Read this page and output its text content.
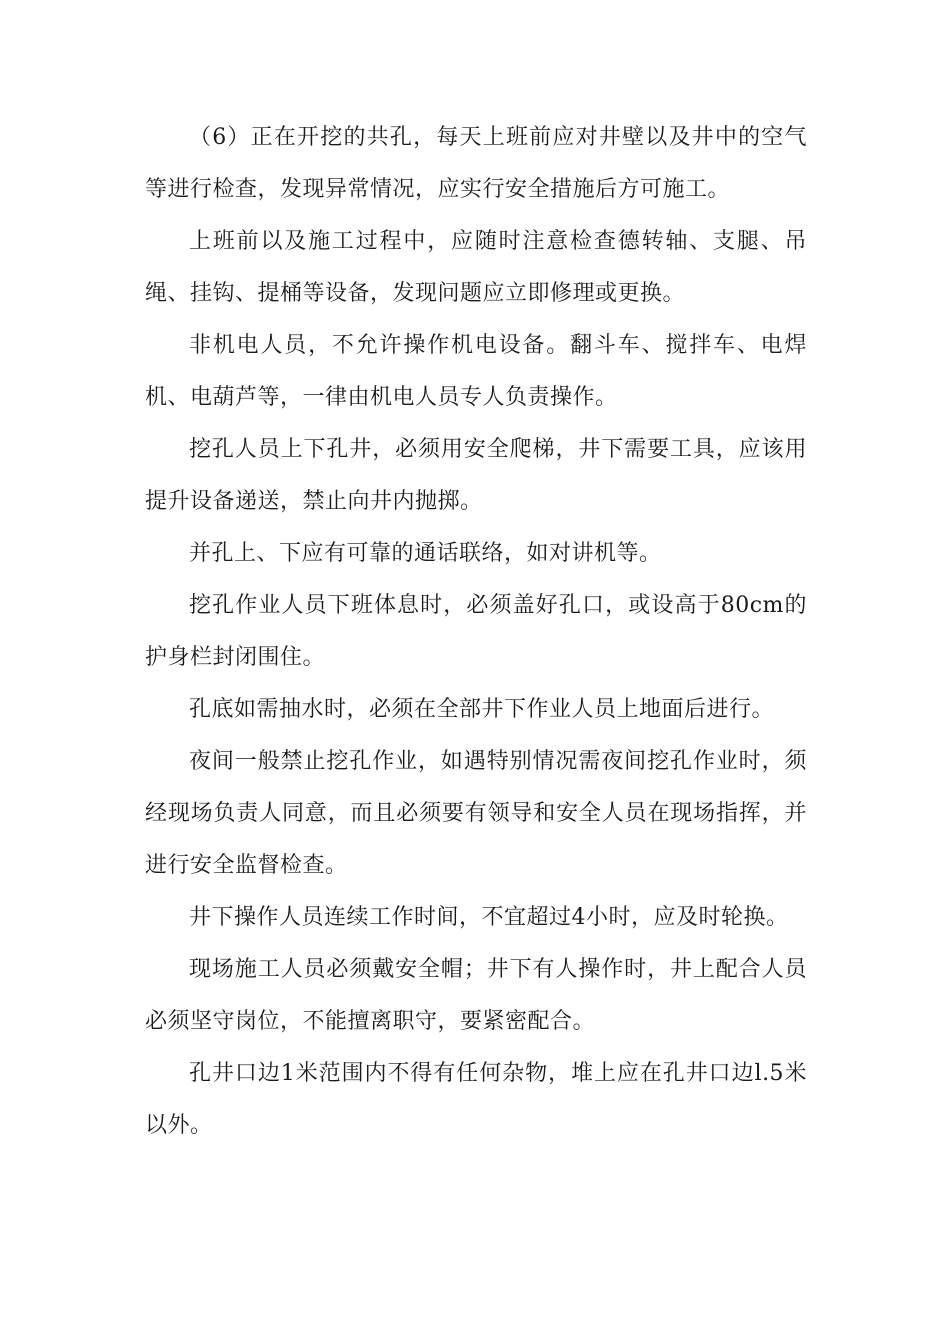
（6）正在开挖的共孔，每天上班前应对井壁以及井中的空气等进行检查，发现异常情况，应实行安全措施后方可施工。

上班前以及施工过程中，应随时注意检查德转轴、支腿、吊绳、挂钩、提桶等设备，发现问题应立即修理或更换。

非机电人员，不允许操作机电设备。翻斗车、搅拌车、电焊机、电葫芦等，一律由机电人员专人负责操作。

挖孔人员上下孔井，必须用安全爬梯，井下需要工具，应该用提升设备递送，禁止向井内抛掷。

并孔上、下应有可靠的通话联络，如对讲机等。

挖孔作业人员下班体息时，必须盖好孔口，或设高于80cm的护身栏封闭围住。

孔底如需抽水时，必须在全部井下作业人员上地面后进行。

夜间一般禁止挖孔作业，如遇特别情况需夜间挖孔作业时，须经现场负责人同意，而且必须要有领导和安全人员在现场指挥，并进行安全监督检查。

井下操作人员连续工作时间，不宜超过4小时，应及时轮换。

现场施工人员必须戴安全帽；井下有人操作时，井上配合人员必须坚守岗位，不能擅离职守，要紧密配合。

孔井口边1米范围内不得有任何杂物，堆上应在孔井口边l.5米以外。
